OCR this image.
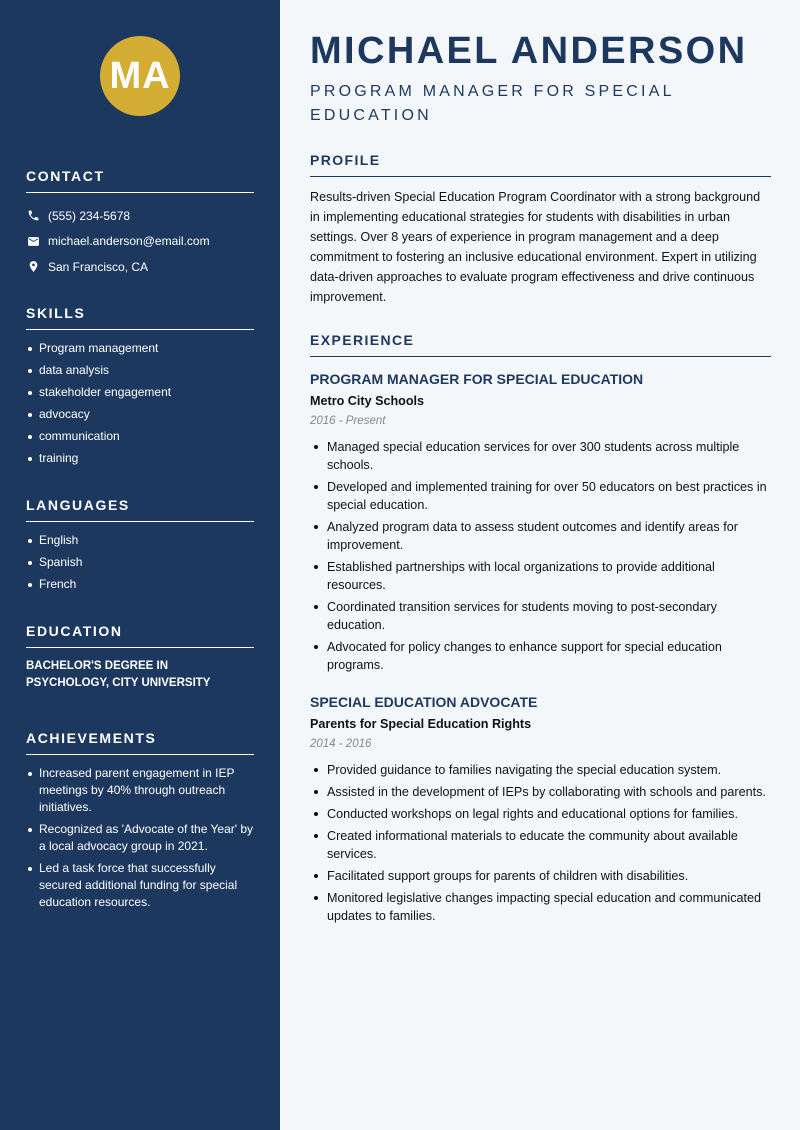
MA
CONTACT
(555) 234-5678
michael.anderson@email.com
San Francisco, CA
SKILLS
Program management
data analysis
stakeholder engagement
advocacy
communication
training
LANGUAGES
English
Spanish
French
EDUCATION
BACHELOR'S DEGREE IN PSYCHOLOGY, CITY UNIVERSITY
ACHIEVEMENTS
Increased parent engagement in IEP meetings by 40% through outreach initiatives.
Recognized as 'Advocate of the Year' by a local advocacy group in 2021.
Led a task force that successfully secured additional funding for special education resources.
MICHAEL ANDERSON
PROGRAM MANAGER FOR SPECIAL EDUCATION
PROFILE
Results-driven Special Education Program Coordinator with a strong background in implementing educational strategies for students with disabilities in urban settings. Over 8 years of experience in program management and a deep commitment to fostering an inclusive educational environment. Expert in utilizing data-driven approaches to evaluate program effectiveness and drive continuous improvement.
EXPERIENCE
PROGRAM MANAGER FOR SPECIAL EDUCATION
Metro City Schools
2016 - Present
Managed special education services for over 300 students across multiple schools.
Developed and implemented training for over 50 educators on best practices in special education.
Analyzed program data to assess student outcomes and identify areas for improvement.
Established partnerships with local organizations to provide additional resources.
Coordinated transition services for students moving to post-secondary education.
Advocated for policy changes to enhance support for special education programs.
SPECIAL EDUCATION ADVOCATE
Parents for Special Education Rights
2014 - 2016
Provided guidance to families navigating the special education system.
Assisted in the development of IEPs by collaborating with schools and parents.
Conducted workshops on legal rights and educational options for families.
Created informational materials to educate the community about available services.
Facilitated support groups for parents of children with disabilities.
Monitored legislative changes impacting special education and communicated updates to families.
